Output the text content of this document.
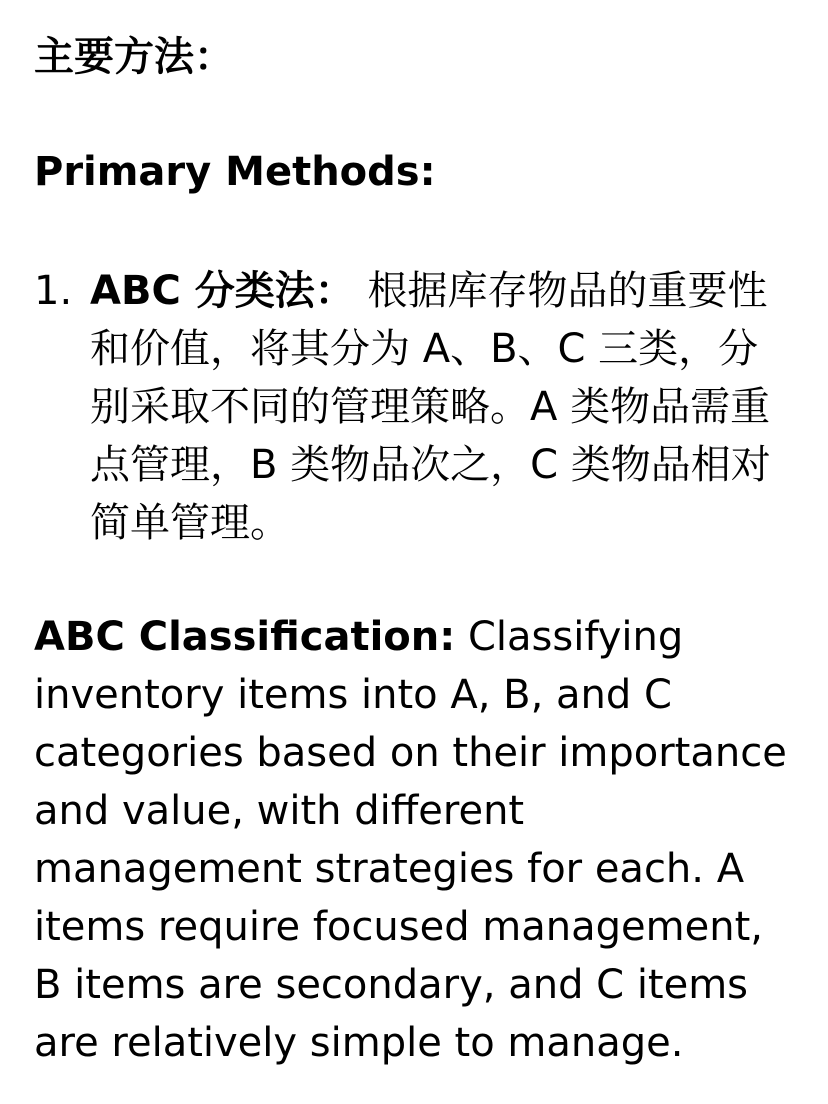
主要方法：
Primary Methods:
1. ABC 分类法： 根据库存物品的重要性和价值，将其分为 A、B、C 三类，分别采取不同的管理策略。A 类物品需重点管理，B 类物品次之，C 类物品相对简单管理。

ABC Classification: Classifying inventory items into A, B, and C categories based on their importance and value, with different management strategies for each. A items require focused management, B items are secondary, and C items are relatively simple to manage.
